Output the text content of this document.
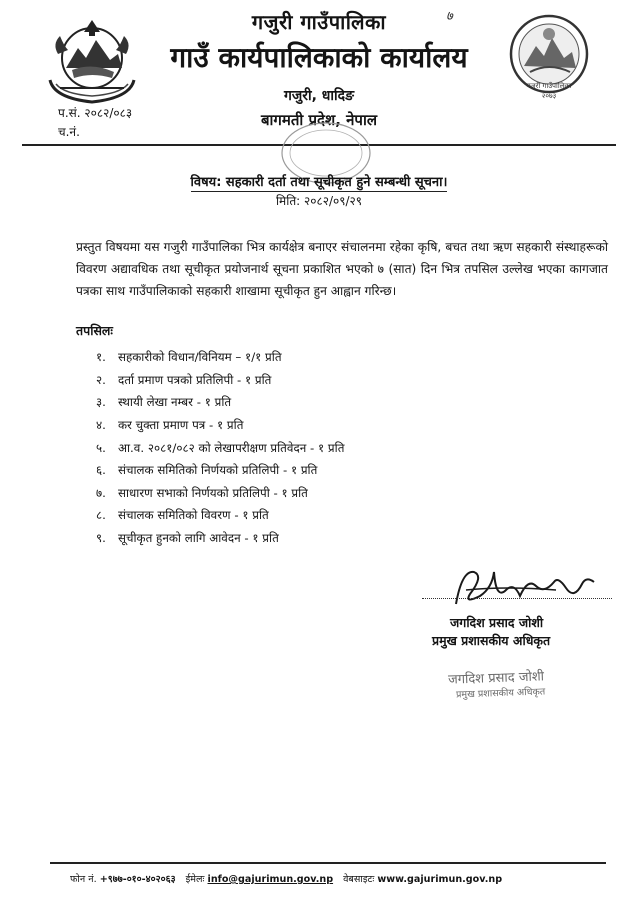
७
गजुरी गाउँपालिका
गाउँ कार्यपालिकाको कार्यालय
गजुरी, धादिङ
बागमती प्रदेश, नेपाल
गजुरी गाउँपालिका
२०७३
प.सं. २०८२/०८३
च.नं.
विषय: सहकारी दर्ता तथा सूचीकृत हुने सम्बन्धी सूचना।
मिति: २०८२/०९/२९

प्रस्तुत विषयमा यस गजुरी गाउँपालिका भित्र कार्यक्षेत्र बनाएर संचालनमा रहेका कृषि, बचत तथा ऋण सहकारी संस्थाहरूको विवरण अद्यावधिक तथा सूचीकृत प्रयोजनार्थ सूचना प्रकाशित भएको ७ (सात) दिन भित्र तपसिल उल्लेख भएका कागजात पत्रका साथ गाउँपालिकाको सहकारी शाखामा सूचीकृत हुन आह्वान गरिन्छ।

तपसिलः
१.	सहकारीको विधान/विनियम – १/१ प्रति
२.	दर्ता प्रमाण पत्रको प्रतिलिपी - १ प्रति
३.	स्थायी लेखा नम्बर - १ प्रति
४.	कर चुक्ता प्रमाण पत्र - १ प्रति
५.	आ.व. २०८१/०८२ को लेखापरीक्षण प्रतिवेदन - १ प्रति
६.	संचालक समितिको निर्णयको प्रतिलिपी - १ प्रति
७.	साधारण सभाको निर्णयको प्रतिलिपी - १ प्रति
८.	संचालक समितिको विवरण - १ प्रति
९.	सूचीकृत हुनको लागि आवेदन - १ प्रति
जगदिश प्रसाद जोशी
प्रमुख प्रशासकीय अधिकृत
जगदिश प्रसाद जोशी
प्रमुख प्रशासकीय अधिकृत
फोन नं. +९७७-०१०-४०२०६३ ईमेलः info@gajurimun.gov.np वेबसाइटः www.gajurimun.gov.np
